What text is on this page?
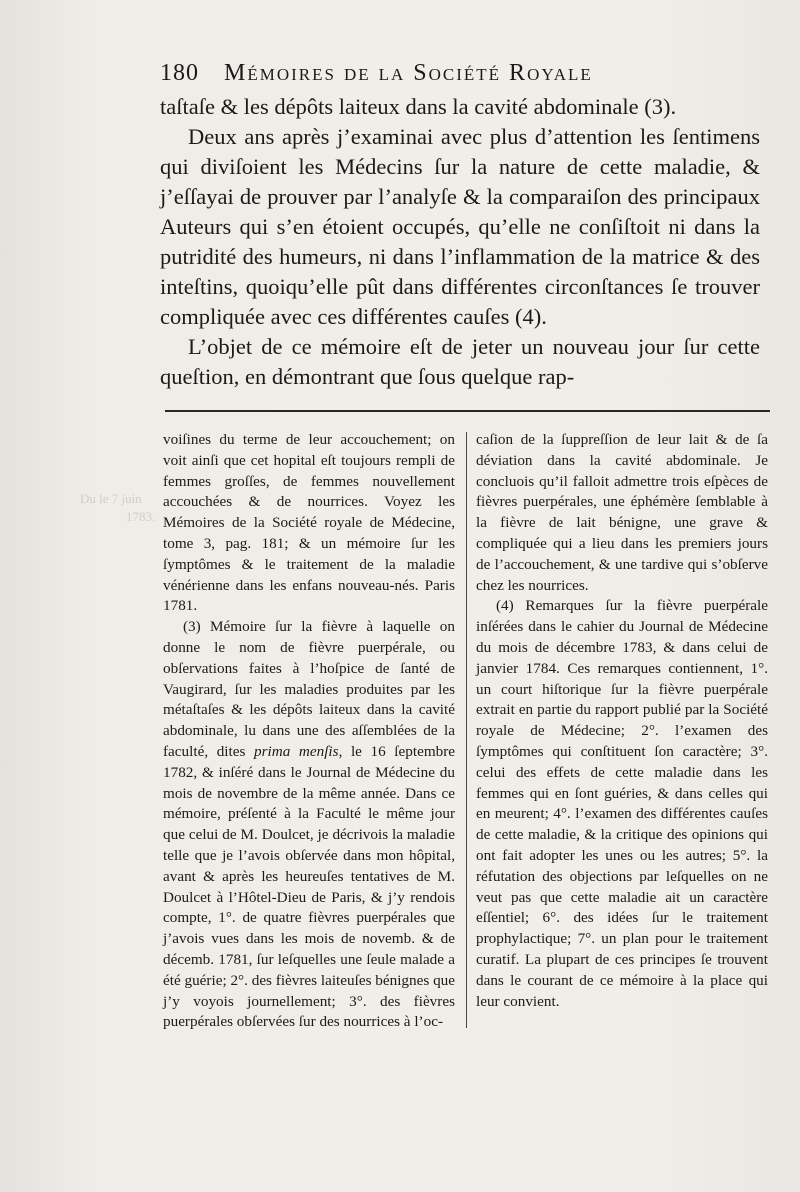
Du le 7 juin
1783.
180 Mémoires de la Société Royale

taſtaſe & les dépôts laiteux dans la cavité abdominale (3).

Deux ans après j’examinai avec plus d’attention les ſentimens qui diviſoient les Médecins ſur la nature de cette maladie, & j’eſſayai de prouver par l’analyſe & la comparaiſon des principaux Auteurs qui s’en étoient occupés, qu’elle ne conſiſtoit ni dans la putridité des humeurs, ni dans l’inflammation de la matrice & des inteſtins, quoiqu’elle pût dans différentes circonſtances ſe trouver compliquée avec ces différentes cauſes (4).

L’objet de ce mémoire eſt de jeter un nouveau jour ſur cette queſtion, en démontrant que ſous quelque rap-

voiſines du terme de leur accouchement; on voit ainſi que cet hopital eſt toujours rempli de femmes groſſes, de femmes nouvellement accouchées & de nourrices. Voyez les Mémoires de la Société royale de Médecine, tome 3, pag. 181; & un mémoire ſur les ſymptômes & le traitement de la maladie vénérienne dans les enfans nouveau-nés. Paris 1781.

(3) Mémoire ſur la fièvre à laquelle on donne le nom de fièvre puerpérale, ou obſervations faites à l’hoſpice de ſanté de Vaugirard, ſur les maladies produites par les métaſtaſes & les dépôts laiteux dans la cavité abdominale, lu dans une des aſſemblées de la faculté, dites prima menſis, le 16 ſeptembre 1782, & inſéré dans le Journal de Médecine du mois de novembre de la même année. Dans ce mémoire, préſenté à la Faculté le même jour que celui de M. Doulcet, je décrivois la maladie telle que je l’avois obſervée dans mon hôpital, avant & après les heureuſes tentatives de M. Doulcet à l’Hôtel-Dieu de Paris, & j’y rendois compte, 1°. de quatre fièvres puerpérales que j’avois vues dans les mois de novemb. & de décemb. 1781, ſur leſquelles une ſeule malade a été guérie; 2°. des fièvres laiteuſes bénignes que j’y voyois journellement; 3°. des fièvres puerpérales obſervées ſur des nourrices à l’oc-

caſion de la ſuppreſſion de leur lait & de ſa déviation dans la cavité abdominale. Je concluois qu’il falloit admettre trois eſpèces de fièvres puerpérales, une éphémère ſemblable à la fièvre de lait bénigne, une grave & compliquée qui a lieu dans les premiers jours de l’accouchement, & une tardive qui s’obſerve chez les nourrices.

(4) Remarques ſur la fièvre puerpérale inſérées dans le cahier du Journal de Médecine du mois de décembre 1783, & dans celui de janvier 1784. Ces remarques contiennent, 1°. un court hiſtorique ſur la fièvre puerpérale extrait en partie du rapport publié par la Société royale de Médecine; 2°. l’examen des ſymptômes qui conſtituent ſon caractère; 3°. celui des effets de cette maladie dans les femmes qui en ſont guéries, & dans celles qui en meurent; 4°. l’examen des différentes cauſes de cette maladie, & la critique des opinions qui ont fait adopter les unes ou les autres; 5°. la réfutation des objections par leſquelles on ne veut pas que cette maladie ait un caractère eſſentiel; 6°. des idées ſur le traitement prophylactique; 7°. un plan pour le traitement curatif. La plupart de ces principes ſe trouvent dans le courant de ce mémoire à la place qui leur convient.
